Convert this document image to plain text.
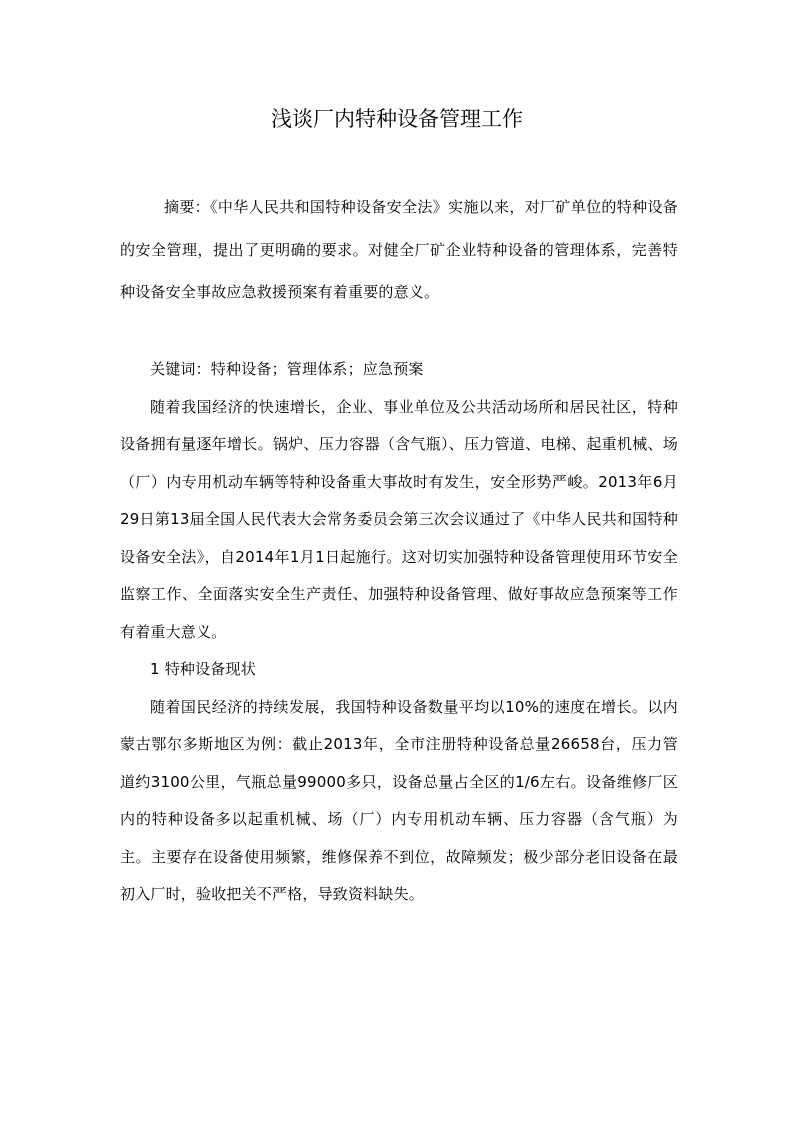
浅谈厂内特种设备管理工作

摘要：《中华人民共和国特种设备安全法》实施以来，对厂矿单位的特种设备的安全管理，提出了更明确的要求。对健全厂矿企业特种设备的管理体系，完善特种设备安全事故应急救援预案有着重要的意义。

关键词：特种设备；管理体系；应急预案

随着我国经济的快速增长，企业、事业单位及公共活动场所和居民社区，特种设备拥有量逐年增长。锅炉、压力容器（含气瓶）、压力管道、电梯、起重机械、场（厂）内专用机动车辆等特种设备重大事故时有发生，安全形势严峻。2013年6月29日第13届全国人民代表大会常务委员会第三次会议通过了《中华人民共和国特种设备安全法》，自2014年1月1日起施行。这对切实加强特种设备管理使用环节安全监察工作、全面落实安全生产责任、加强特种设备管理、做好事故应急预案等工作有着重大意义。

1 特种设备现状

随着国民经济的持续发展，我国特种设备数量平均以10%的速度在增长。以内蒙古鄂尔多斯地区为例：截止2013年，全市注册特种设备总量26658台，压力管道约3100公里，气瓶总量99000多只，设备总量占全区的1/6左右。设备维修厂区内的特种设备多以起重机械、场（厂）内专用机动车辆、压力容器（含气瓶）为主。主要存在设备使用频繁，维修保养不到位，故障频发；极少部分老旧设备在最初入厂时，验收把关不严格，导致资料缺失。
